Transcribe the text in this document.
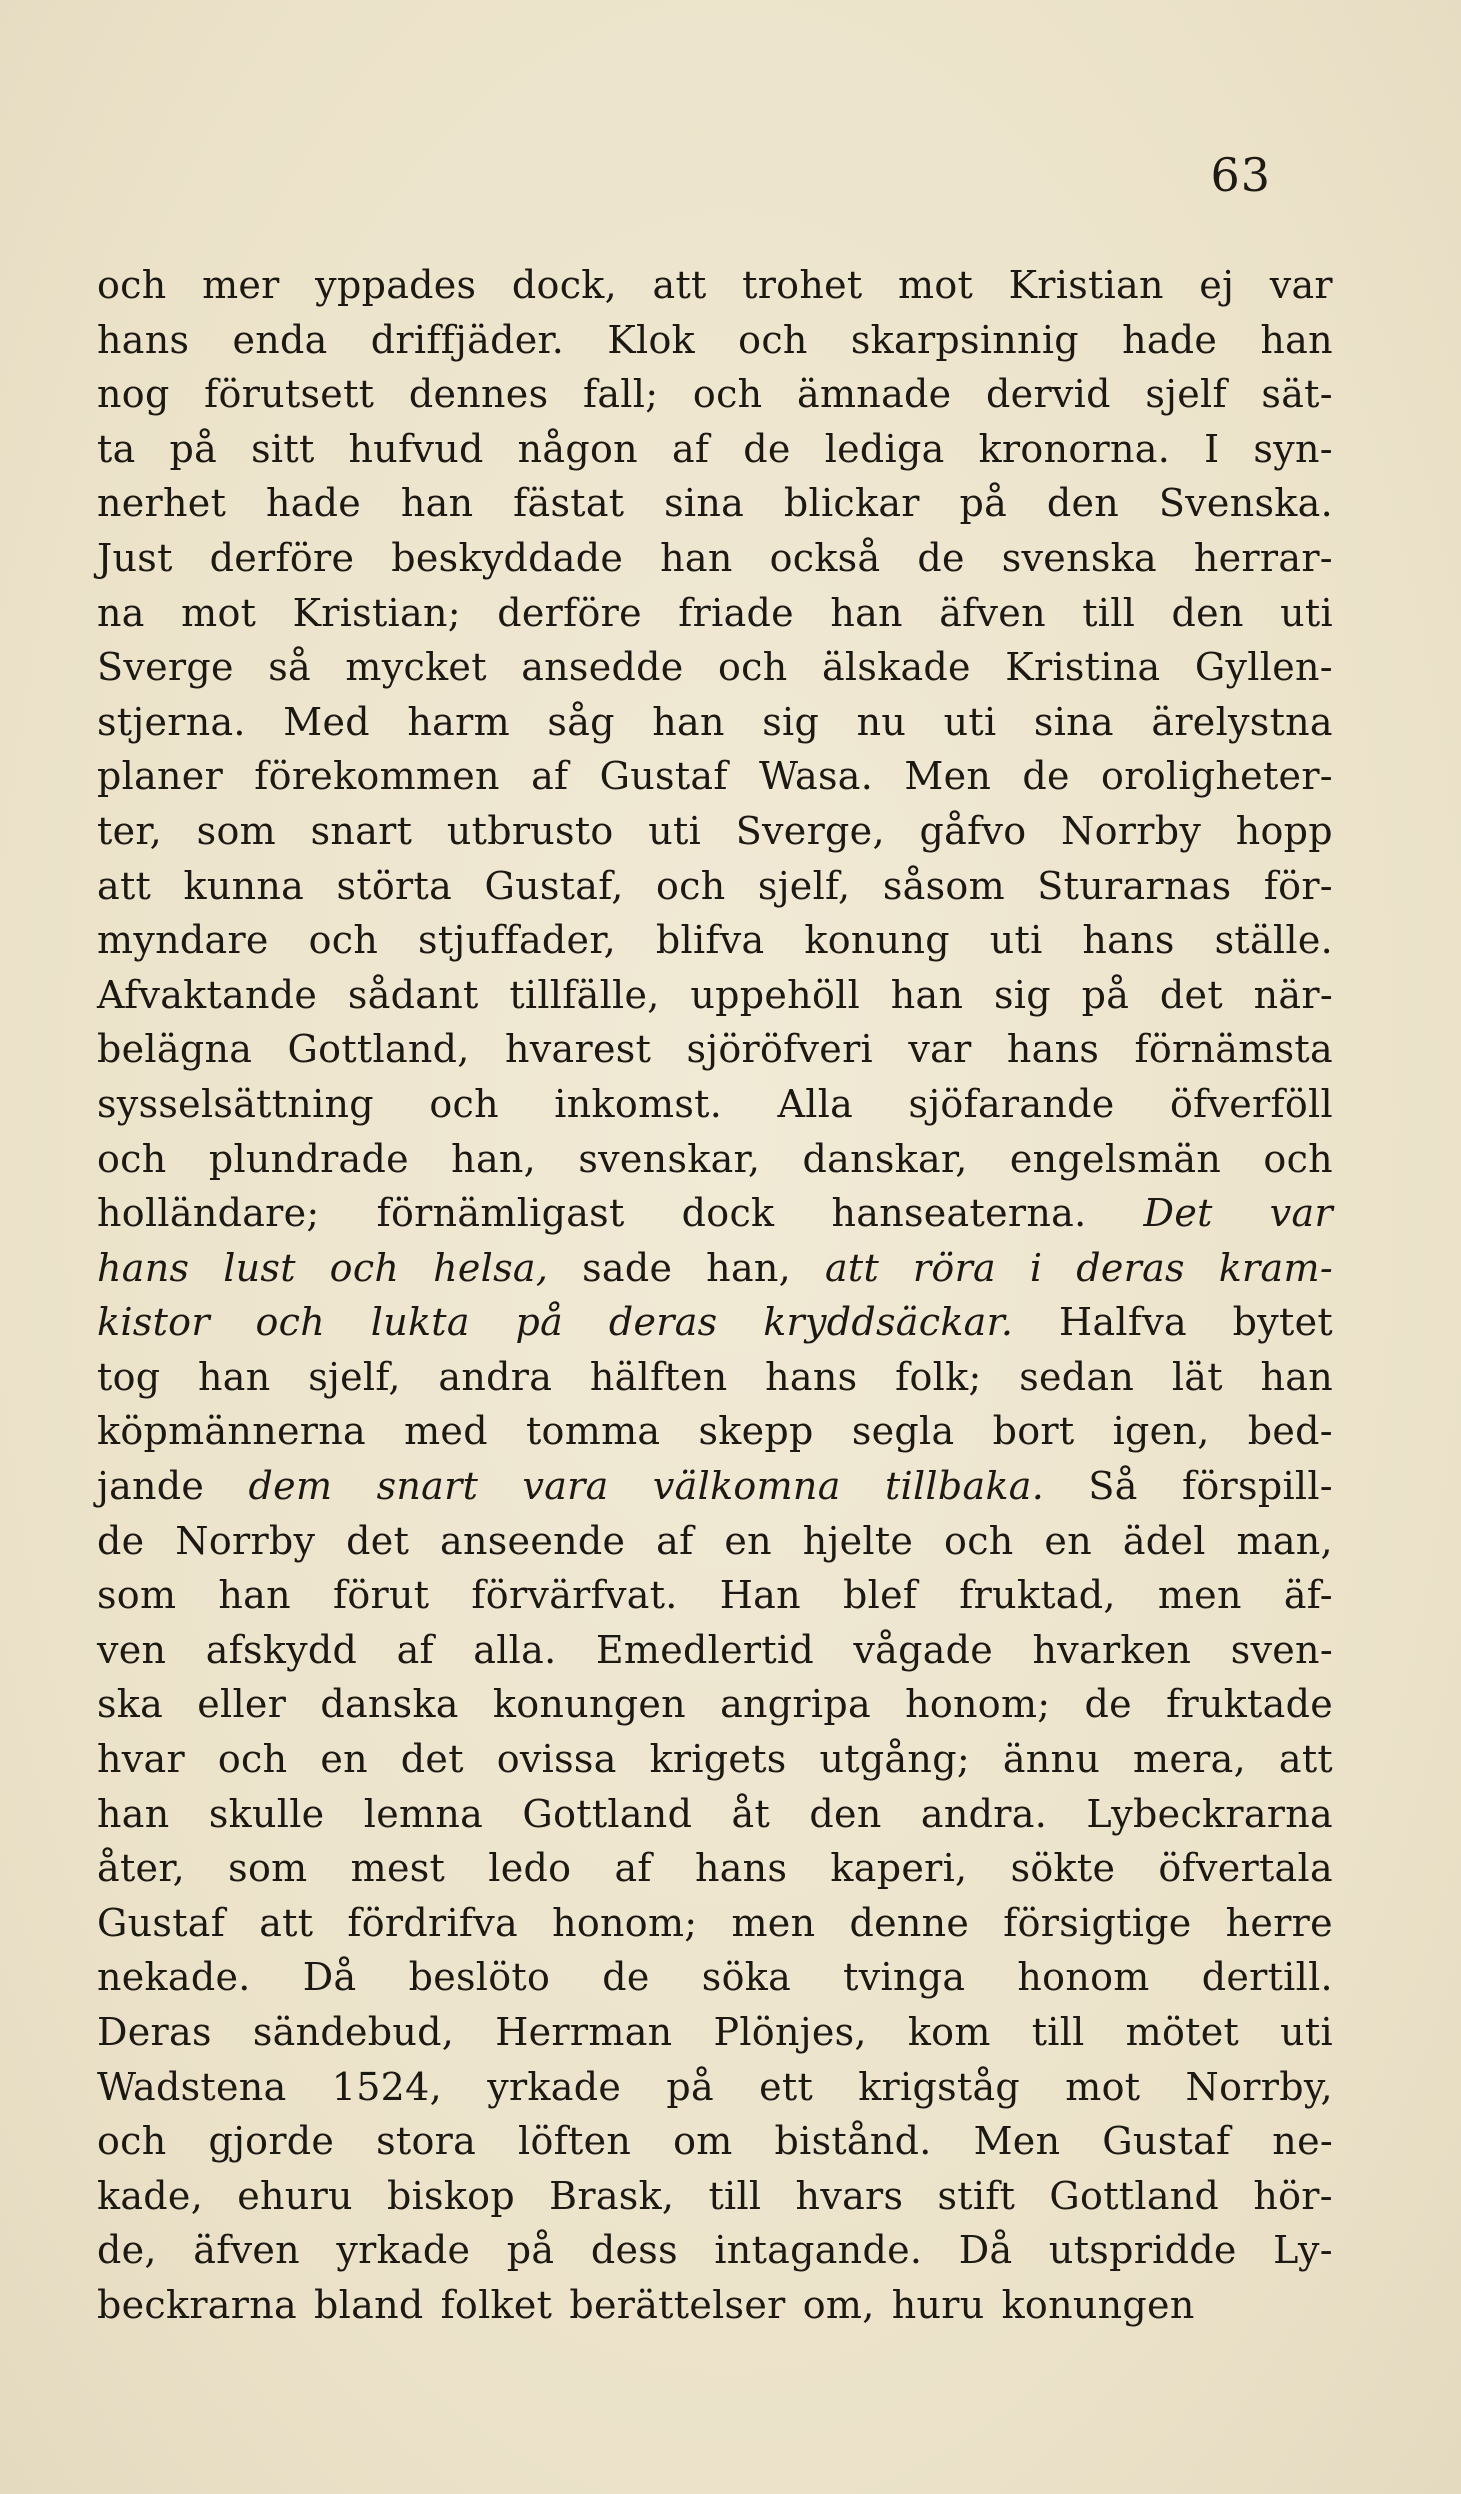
63
och mer yppades dock, att trohet mot Kristian ej var
hans enda driffjäder. Klok och skarpsinnig hade han
nog förutsett dennes fall; och ämnade dervid sjelf sät-
ta på sitt hufvud någon af de lediga kronorna. I syn-
nerhet hade han fästat sina blickar på den Svenska.
Just derföre beskyddade han också de svenska herrar-
na mot Kristian; derföre friade han äfven till den uti
Sverge så mycket ansedde och älskade Kristina Gyllen-
stjerna. Med harm såg han sig nu uti sina ärelystna
planer förekommen af Gustaf Wasa. Men de oroligheter-
ter, som snart utbrusto uti Sverge, gåfvo Norrby hopp
att kunna störta Gustaf, och sjelf, såsom Sturarnas för-
myndare och stjuffader, blifva konung uti hans ställe.
Afvaktande sådant tillfälle, uppehöll han sig på det när-
belägna Gottland, hvarest sjöröfveri var hans förnämsta
sysselsättning och inkomst. Alla sjöfarande öfverföll
och plundrade han, svenskar, danskar, engelsmän och
holländare; förnämligast dock hanseaterna. Det var
hans lust och helsa, sade han, att röra i deras kram-
kistor och lukta på deras kryddsäckar. Halfva bytet
tog han sjelf, andra hälften hans folk; sedan lät han
köpmännerna med tomma skepp segla bort igen, bed-
jande dem snart vara välkomna tillbaka. Så förspill-
de Norrby det anseende af en hjelte och en ädel man,
som han förut förvärfvat. Han blef fruktad, men äf-
ven afskydd af alla. Emedlertid vågade hvarken sven-
ska eller danska konungen angripa honom; de fruktade
hvar och en det ovissa krigets utgång; ännu mera, att
han skulle lemna Gottland åt den andra. Lybeckrarna
åter, som mest ledo af hans kaperi, sökte öfvertala
Gustaf att fördrifva honom; men denne försigtige herre
nekade. Då beslöto de söka tvinga honom dertill.
Deras sändebud, Herrman Plönjes, kom till mötet uti
Wadstena 1524, yrkade på ett krigståg mot Norrby,
och gjorde stora löften om bistånd. Men Gustaf ne-
kade, ehuru biskop Brask, till hvars stift Gottland hör-
de, äfven yrkade på dess intagande. Då utspridde Ly-
beckrarna bland folket berättelser om, huru konungen
